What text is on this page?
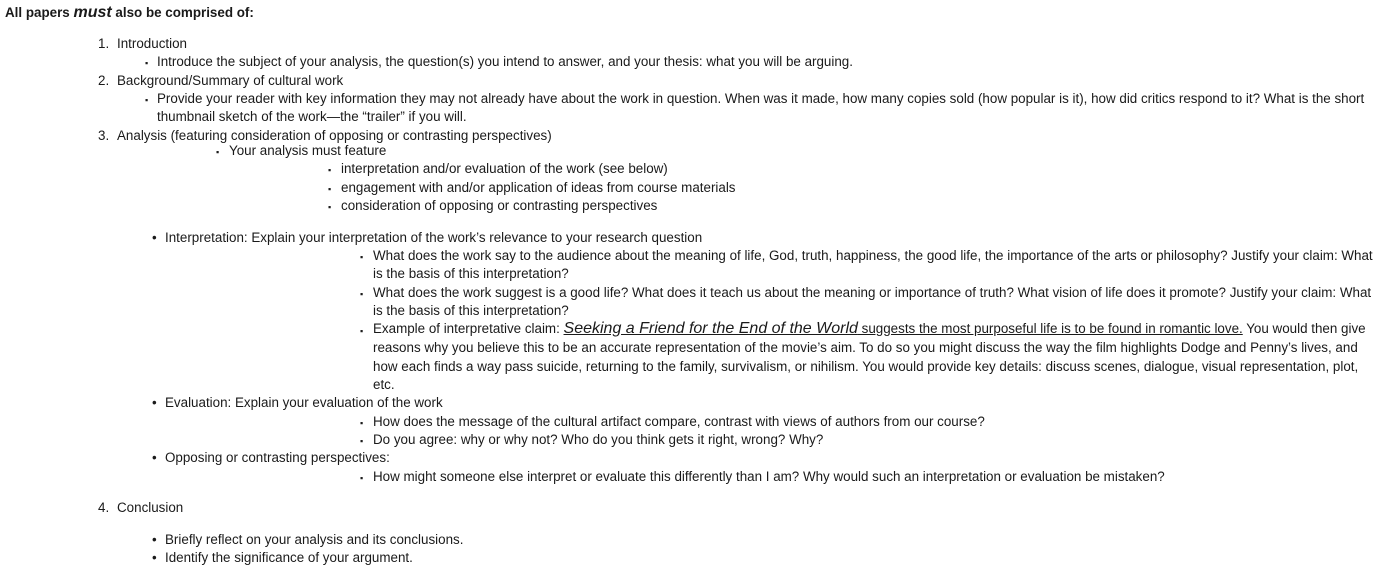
All papers must also be comprised of:
1. Introduction
▪ Introduce the subject of your analysis, the question(s) you intend to answer, and your thesis: what you will be arguing.
2. Background/Summary of cultural work
▪ Provide your reader with key information they may not already have about the work in question. When was it made, how many copies sold (how popular is it), how did critics respond to it? What is the short
thumbnail sketch of the work—the “trailer” if you will.
3. Analysis (featuring consideration of opposing or contrasting perspectives)
▪ Your analysis must feature
▪ interpretation and/or evaluation of the work (see below)
▪ engagement with and/or application of ideas from course materials
▪ consideration of opposing or contrasting perspectives
• Interpretation: Explain your interpretation of the work’s relevance to your research question
▪ What does the work say to the audience about the meaning of life, God, truth, happiness, the good life, the importance of the arts or philosophy? Justify your claim: What
is the basis of this interpretation?
▪ What does the work suggest is a good life? What does it teach us about the meaning or importance of truth? What vision of life does it promote? Justify your claim: What
is the basis of this interpretation?
▪ Example of interpretative claim: Seeking a Friend for the End of the World suggests the most purposeful life is to be found in romantic love. You would then give
reasons why you believe this to be an accurate representation of the movie’s aim. To do so you might discuss the way the film highlights Dodge and Penny’s lives, and
how each finds a way pass suicide, returning to the family, survivalism, or nihilism. You would provide key details: discuss scenes, dialogue, visual representation, plot,
etc.
• Evaluation: Explain your evaluation of the work
▪ How does the message of the cultural artifact compare, contrast with views of authors from our course?
▪ Do you agree: why or why not? Who do you think gets it right, wrong? Why?
• Opposing or contrasting perspectives:
▪ How might someone else interpret or evaluate this differently than I am? Why would such an interpretation or evaluation be mistaken?
4. Conclusion
• Briefly reflect on your analysis and its conclusions.
• Identify the significance of your argument.
